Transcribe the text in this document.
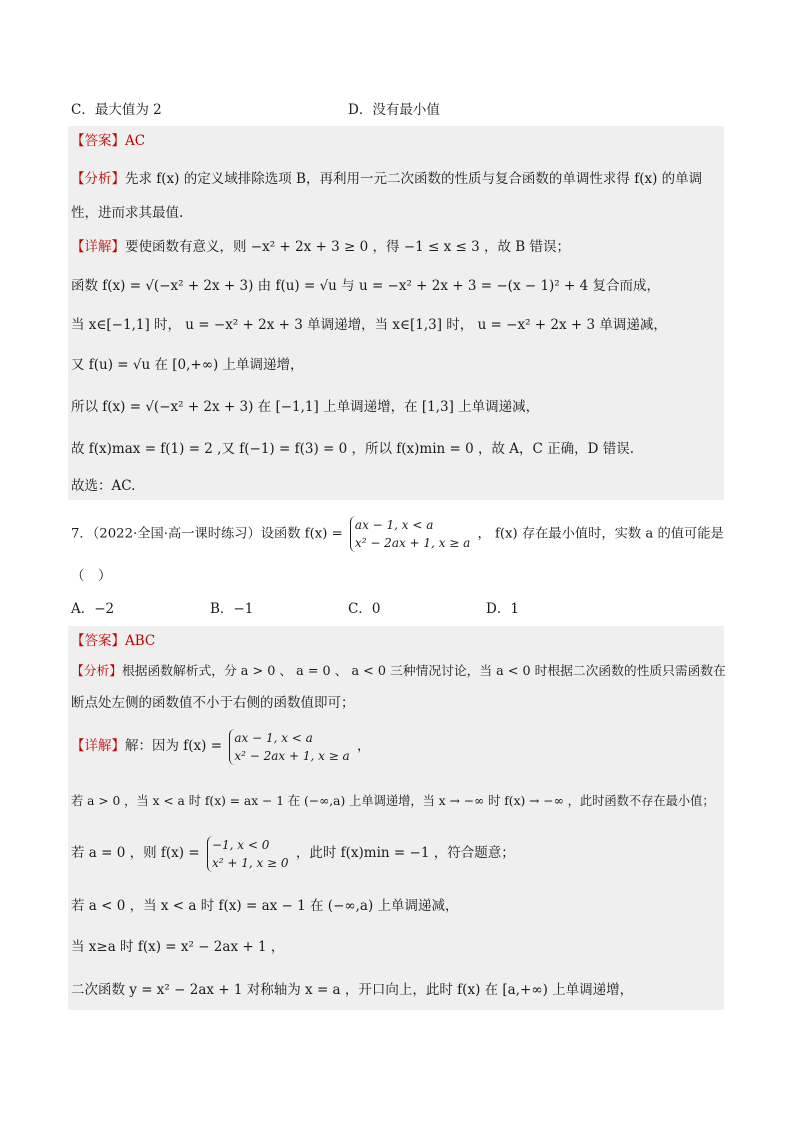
C．最大值为 2	D．没有最小值
【答案】AC
【分析】先求 f(x) 的定义域排除选项 B，再利用一元二次函数的性质与复合函数的单调性求得 f(x) 的单调
性，进而求其最值.
【详解】要使函数有意义，则 −x² + 2x + 3 ≥ 0 ，得 −1 ≤ x ≤ 3 ，故 B 错误；
函数 f(x) = √(−x² + 2x + 3) 由 f(u) = √u 与 u = −x² + 2x + 3 = −(x − 1)² + 4 复合而成，
当 x∈[−1,1] 时， u = −x² + 2x + 3 单调递增，当 x∈[1,3] 时， u = −x² + 2x + 3 单调递减，
又 f(u) = √u 在 [0,+∞) 上单调递增，
所以 f(x) = √(−x² + 2x + 3) 在 [−1,1] 上单调递增，在 [1,3] 上单调递减，
故 f(x)max = f(1) = 2 ,又 f(−1) = f(3) = 0 ，所以 f(x)min = 0 ，故 A，C 正确，D 错误.
故选：AC.
7．（2022·全国·高一课时练习）设函数 f(x) = ax − 1, x < a
x² − 2ax + 1, x ≥ a ， f(x) 存在最小值时，实数 a 的值可能是
（　）
A．−2	B．−1	C．0	D．1
【答案】ABC
【分析】根据函数解析式，分 a > 0 、 a = 0 、 a < 0 三种情况讨论，当 a < 0 时根据二次函数的性质只需函数在
断点处左侧的函数值不小于右侧的函数值即可；
【详解】解：因为 f(x) = ax − 1, x < a
x² − 2ax + 1, x ≥ a ，
若 a > 0 ，当 x < a 时 f(x) = ax − 1 在 (−∞,a) 上单调递增，当 x → −∞ 时 f(x) → −∞ ，此时函数不存在最小值；
若 a = 0 ，则 f(x) = −1, x < 0
x² + 1, x ≥ 0 ，此时 f(x)min = −1 ，符合题意；
若 a < 0 ，当 x < a 时 f(x) = ax − 1 在 (−∞,a) 上单调递减，
当 x≥a 时 f(x) = x² − 2ax + 1 ，
二次函数 y = x² − 2ax + 1 对称轴为 x = a ，开口向上，此时 f(x) 在 [a,+∞) 上单调递增，
